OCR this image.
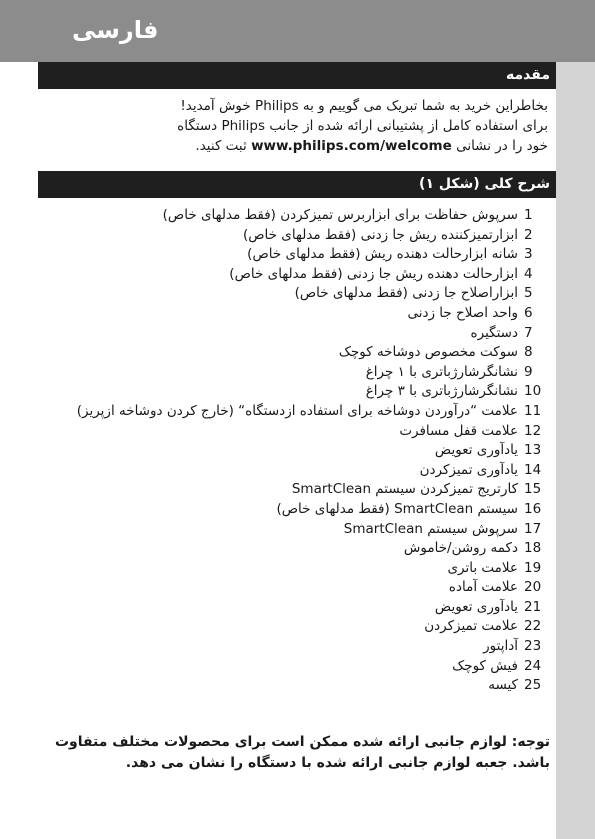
فارسی
مقدمه
بخاطراین خرید به شما تبریک می گوییم و به Philips خوش آمدید!
برای استفاده کامل از پشتیبانی ارائه شده از جانب Philips دستگاه
خود را در نشانی www.philips.com/welcome ثبت کنید.
شرح کلی (شکل ۱)
1
سرپوش حفاظت برای ابزاربرس تمیزکردن (فقط مدلهای خاص)
2
ابزارتمیزکننده ریش جا زدنی (فقط مدلهای خاص)
3
شانه ابزارحالت دهنده ریش (فقط مدلهای خاص)
4
ابزارحالت دهنده ریش جا زدنی (فقط مدلهای خاص)
5
ابزاراصلاح جا زدنی (فقط مدلهای خاص)
6
واحد اصلاح جا زدنی
7
دستگیره
8
سوکت مخصوص دوشاخه کوچک
9
نشانگرشارژباتری با ۱ چراغ
10
نشانگرشارژباتری با ۳ چراغ
11
علامت “درآوردن دوشاخه برای استفاده ازدستگاه“ (خارج کردن دوشاخه ازپریز)
12
علامت قفل مسافرت
13
یادآوری تعویض
14
یادآوری تمیزکردن
15
کارتریج تمیزکردن سیستم SmartClean
16
سیستم SmartClean (فقط مدلهای خاص)
17
سرپوش سیستم SmartClean
18
دکمه روشن/خاموش
19
علامت باتری
20
علامت آماده
21
یادآوری تعویض
22
علامت تمیزکردن
23
آداپتور
24
فیش کوچک
25
کیسه
توجه: لوازم جانبی ارائه شده ممکن است برای محصولات مختلف متفاوت باشد. جعبه لوازم جانبی ارائه شده با دستگاه را نشان می دهد.
